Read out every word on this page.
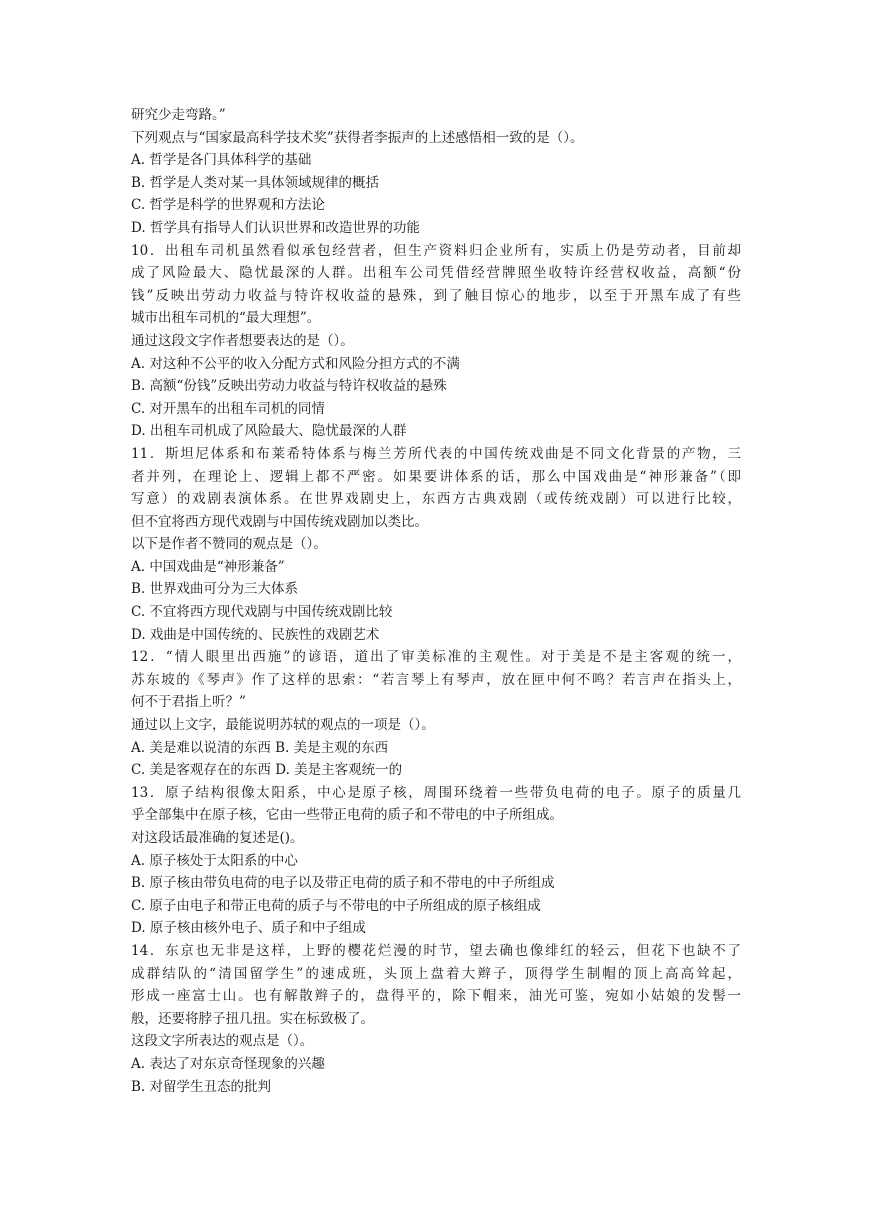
研究少走弯路。”
下列观点与“国家最高科学技术奖”获得者李振声的上述感悟相一致的是（）。
A. 哲学是各门具体科学的基础
B. 哲学是人类对某一具体领域规律的概括
C. 哲学是科学的世界观和方法论
D. 哲学具有指导人们认识世界和改造世界的功能
10．出租车司机虽然看似承包经营者，但生产资料归企业所有，实质上仍是劳动者，目前却
成了风险最大、隐忧最深的人群。出租车公司凭借经营牌照坐收特许经营权收益，高额“份
钱”反映出劳动力收益与特许权收益的悬殊，到了触目惊心的地步，以至于开黑车成了有些
城市出租车司机的“最大理想”。
通过这段文字作者想要表达的是（）。
A. 对这种不公平的收入分配方式和风险分担方式的不满
B. 高额“份钱”反映出劳动力收益与特许权收益的悬殊
C. 对开黑车的出租车司机的同情
D. 出租车司机成了风险最大、隐忧最深的人群
11．斯坦尼体系和布莱希特体系与梅兰芳所代表的中国传统戏曲是不同文化背景的产物，三
者并列，在理论上、逻辑上都不严密。如果要讲体系的话，那么中国戏曲是“神形兼备”（即
写意）的戏剧表演体系。在世界戏剧史上，东西方古典戏剧（或传统戏剧）可以进行比较，
但不宜将西方现代戏剧与中国传统戏剧加以类比。
以下是作者不赞同的观点是（）。
A. 中国戏曲是“神形兼备”
B. 世界戏曲可分为三大体系
C. 不宜将西方现代戏剧与中国传统戏剧比较
D. 戏曲是中国传统的、民族性的戏剧艺术
12．“情人眼里出西施”的谚语，道出了审美标准的主观性。对于美是不是主客观的统一，
苏东坡的《琴声》作了这样的思索：“若言琴上有琴声，放在匣中何不鸣？若言声在指头上，
何不于君指上听？”
通过以上文字，最能说明苏轼的观点的一项是（）。
A. 美是难以说清的东西 B. 美是主观的东西
C. 美是客观存在的东西 D. 美是主客观统一的
13．原子结构很像太阳系，中心是原子核，周围环绕着一些带负电荷的电子。原子的质量几
乎全部集中在原子核，它由一些带正电荷的质子和不带电的中子所组成。
对这段话最准确的复述是()。
A. 原子核处于太阳系的中心
B. 原子核由带负电荷的电子以及带正电荷的质子和不带电的中子所组成
C. 原子由电子和带正电荷的质子与不带电的中子所组成的原子核组成
D. 原子核由核外电子、质子和中子组成
14．东京也无非是这样，上野的樱花烂漫的时节，望去确也像绯红的轻云，但花下也缺不了
成群结队的“清国留学生”的速成班，头顶上盘着大辫子，顶得学生制帽的顶上高高耸起，
形成一座富士山。也有解散辫子的，盘得平的，除下帽来，油光可鉴，宛如小姑娘的发髻一
般，还要将脖子扭几扭。实在标致极了。
这段文字所表达的观点是（）。
A. 表达了对东京奇怪现象的兴趣
B. 对留学生丑态的批判
